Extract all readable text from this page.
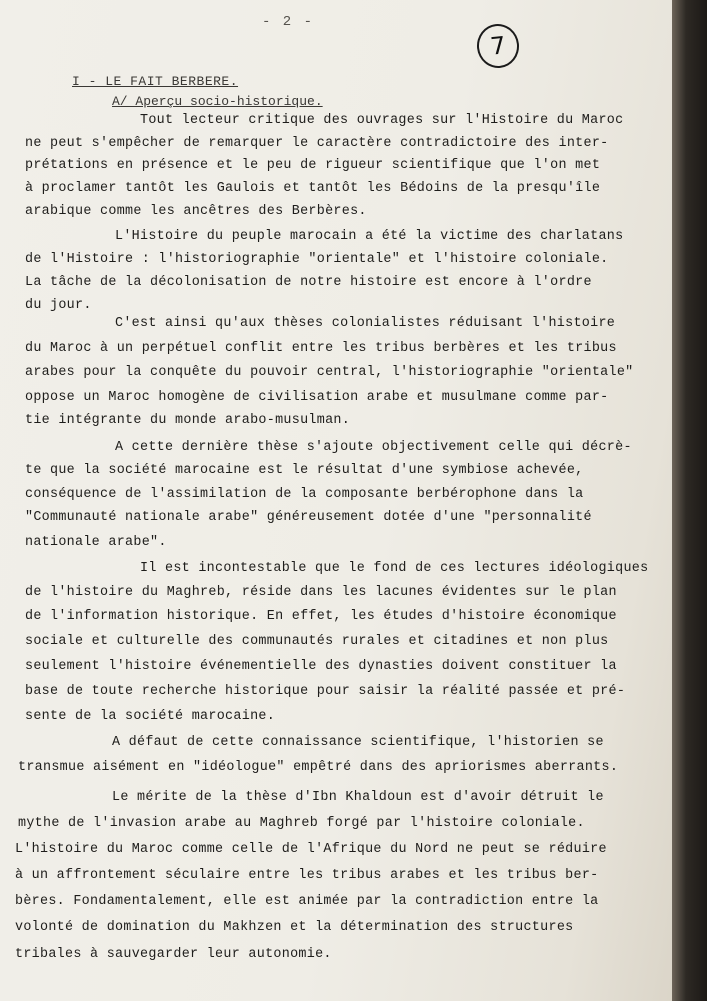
- 2 -
7
I - LE FAIT BERBERE.
A/ Aperçu socio-historique.
Tout lecteur critique des ouvrages sur l'Histoire du Maroc
ne peut s'empêcher de remarquer le caractère contradictoire des inter-
prétations en présence et le peu de rigueur scientifique que l'on met
à proclamer tantôt les Gaulois et tantôt les Bédoins de la presqu'île
arabique comme les ancêtres des Berbères.
L'Histoire du peuple marocain a été la victime des charlatans
de l'Histoire : l'historiographie "orientale" et l'histoire coloniale.
La tâche de la décolonisation de notre histoire est encore à l'ordre
du jour.
C'est ainsi qu'aux thèses colonialistes réduisant l'histoire
du Maroc à un perpétuel conflit entre les tribus berbères et les tribus
arabes pour la conquête du pouvoir central, l'historiographie "orientale"
oppose un Maroc homogène de civilisation arabe et musulmane comme par-
tie intégrante du monde arabo-musulman.
A cette dernière thèse s'ajoute objectivement celle qui décrè-
te que la société marocaine est le résultat d'une symbiose achevée,
conséquence de l'assimilation de la composante berbérophone dans la
"Communauté nationale arabe" généreusement dotée d'une "personnalité
nationale arabe".
Il est incontestable que le fond de ces lectures idéologiques
de l'histoire du Maghreb, réside dans les lacunes évidentes sur le plan
de l'information historique. En effet, les études d'histoire économique
sociale et culturelle des communautés rurales et citadines et non plus
seulement l'histoire événementielle des dynasties doivent constituer la
base de toute recherche historique pour saisir la réalité passée et pré-
sente de la société marocaine.
A défaut de cette connaissance scientifique, l'historien se
transmue aisément en "idéologue" empêtré dans des apriorismes aberrants.
Le mérite de la thèse d'Ibn Khaldoun est d'avoir détruit le
mythe de l'invasion arabe au Maghreb forgé par l'histoire coloniale.
L'histoire du Maroc comme celle de l'Afrique du Nord ne peut se réduire
à un affrontement séculaire entre les tribus arabes et les tribus ber-
bères. Fondamentalement, elle est animée par la contradiction entre la
volonté de domination du Makhzen et la détermination des structures
tribales à sauvegarder leur autonomie.
